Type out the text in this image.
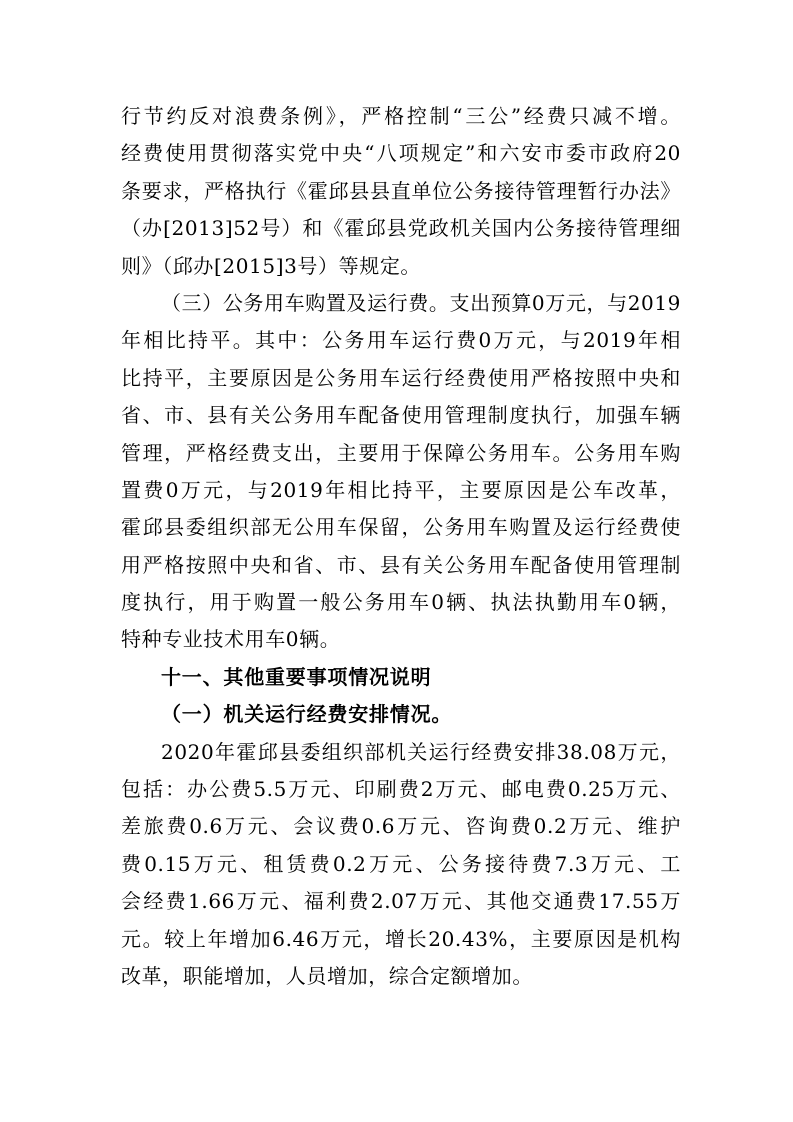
行节约反对浪费条例》，严格控制“三公”经费只减不增。
经费使用贯彻落实党中央“八项规定”和六安市委市政府20
条要求，严格执行《霍邱县县直单位公务接待管理暂行办法》
（办[2013]52号）和《霍邱县党政机关国内公务接待管理细
则》（邱办[2015]3号）等规定。
（三）公务用车购置及运行费。支出预算0万元，与2019
年相比持平。其中：公务用车运行费0万元，与2019年相
比持平，主要原因是公务用车运行经费使用严格按照中央和
省、市、县有关公务用车配备使用管理制度执行，加强车辆
管理，严格经费支出，主要用于保障公务用车。公务用车购
置费0万元，与2019年相比持平，主要原因是公车改革，
霍邱县委组织部无公用车保留，公务用车购置及运行经费使
用严格按照中央和省、市、县有关公务用车配备使用管理制
度执行，用于购置一般公务用车0辆、执法执勤用车0辆，
特种专业技术用车0辆。
十一、其他重要事项情况说明
（一）机关运行经费安排情况。
2020年霍邱县委组织部机关运行经费安排38.08万元，
包括：办公费5.5万元、印刷费2万元、邮电费0.25万元、
差旅费0.6万元、会议费0.6万元、咨询费0.2万元、维护
费0.15万元、租赁费0.2万元、公务接待费7.3万元、工
会经费1.66万元、福利费2.07万元、其他交通费17.55万
元。较上年增加6.46万元，增长20.43%，主要原因是机构
改革，职能增加，人员增加，综合定额增加。
